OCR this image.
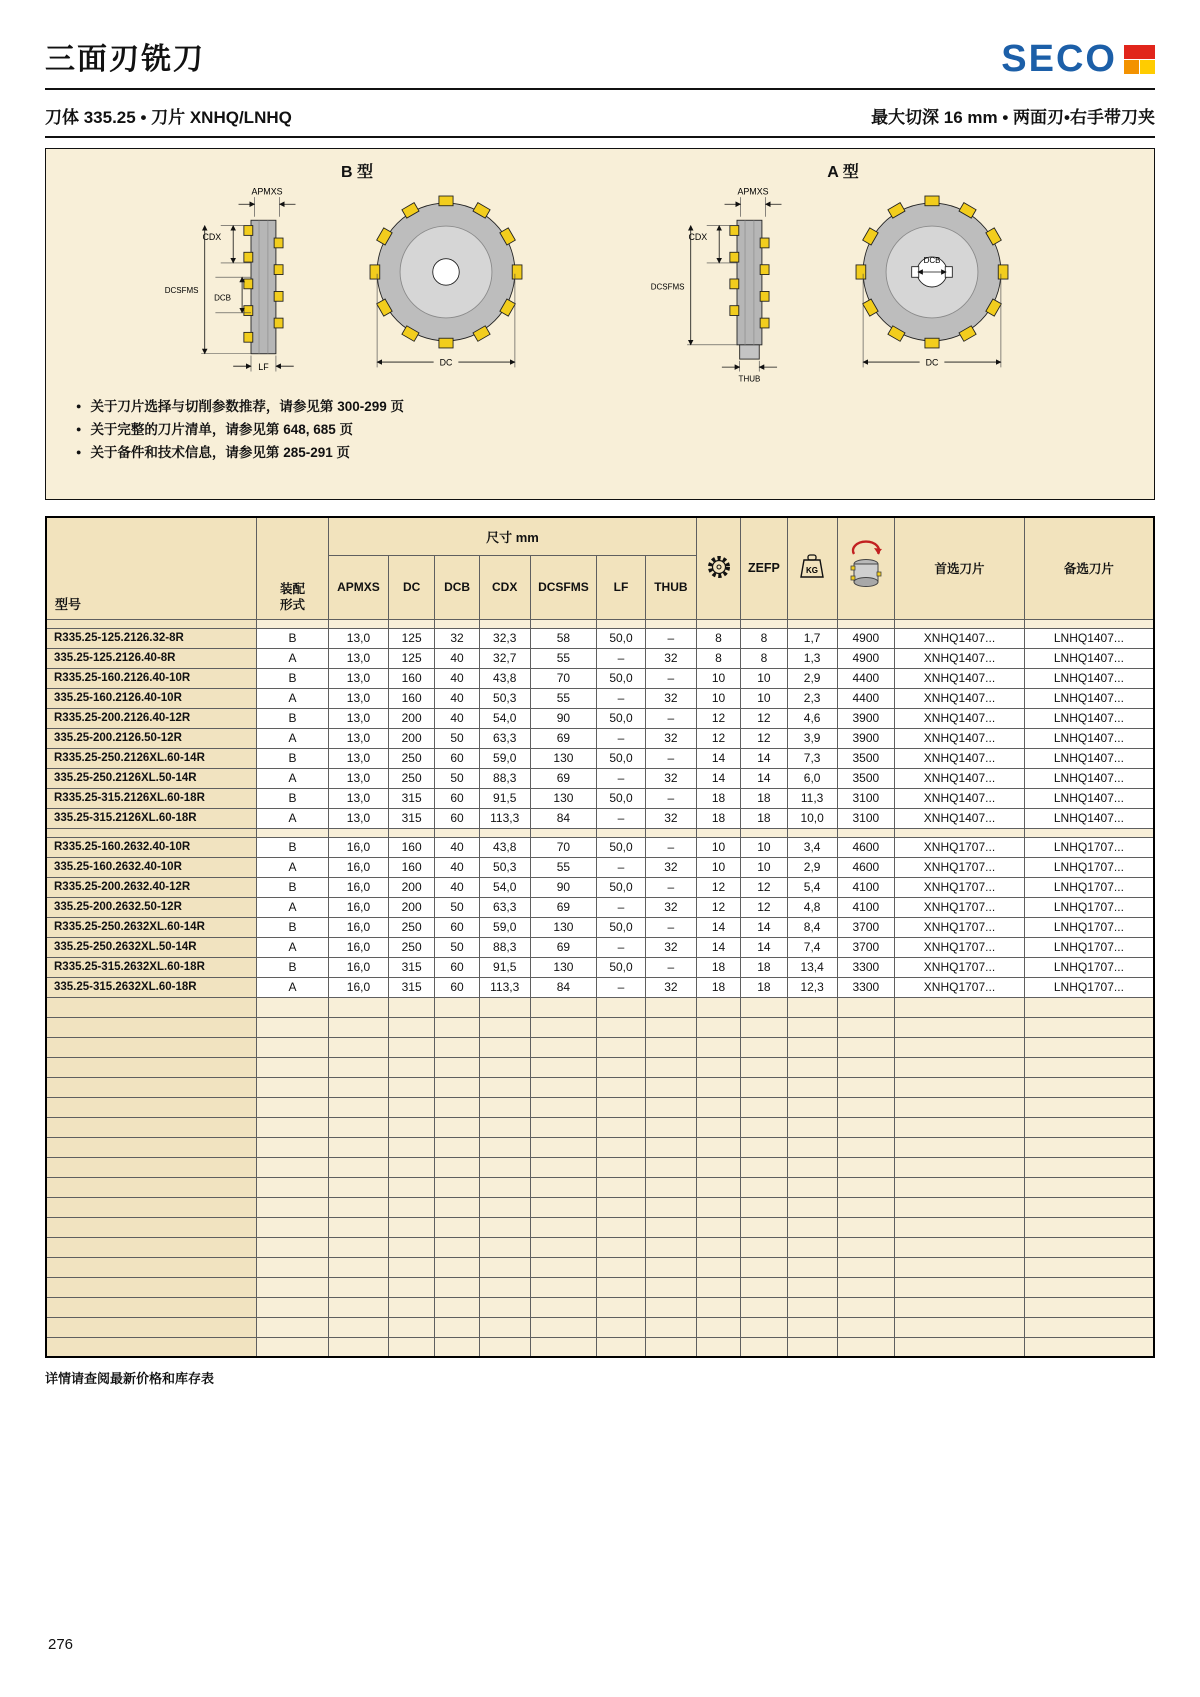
三面刃铣刀	SECO
刀体 335.25 • 刀片 XNHQ/LNHQ	最大切深 16 mm • 两面刃•右手带刀夹
B 型
APMXS
CDX
DCB
DCSFMS
LF	DC
A 型
APMXS
CDX
DCSFMS
THUB
DCB
DC
● 关于刀片选择与切削参数推荐，请参见第 300-299 页
● 关于完整的刀片清单，请参见第 648, 685 页
● 关于备件和技术信息，请参见第 285-291 页
型号	装配
形式	尺寸 mm								ZEFP	KG		首选刀片	备选刀片
		APMXS	DC	DCB	CDX	DCSFMS	LF	THUB						

R335.25-125.2126.32-8R	B	13,0	125	32	32,3	58	50,0	–	8	8	1,7	4900	XNHQ1407...	LNHQ1407...
335.25-125.2126.40-8R	A	13,0	125	40	32,7	55	–	32	8	8	1,3	4900	XNHQ1407...	LNHQ1407...
R335.25-160.2126.40-10R	B	13,0	160	40	43,8	70	50,0	–	10	10	2,9	4400	XNHQ1407...	LNHQ1407...
335.25-160.2126.40-10R	A	13,0	160	40	50,3	55	–	32	10	10	2,3	4400	XNHQ1407...	LNHQ1407...
R335.25-200.2126.40-12R	B	13,0	200	40	54,0	90	50,0	–	12	12	4,6	3900	XNHQ1407...	LNHQ1407...
335.25-200.2126.50-12R	A	13,0	200	50	63,3	69	–	32	12	12	3,9	3900	XNHQ1407...	LNHQ1407...
R335.25-250.2126XL.60-14R	B	13,0	250	60	59,0	130	50,0	–	14	14	7,3	3500	XNHQ1407...	LNHQ1407...
335.25-250.2126XL.50-14R	A	13,0	250	50	88,3	69	–	32	14	14	6,0	3500	XNHQ1407...	LNHQ1407...
R335.25-315.2126XL.60-18R	B	13,0	315	60	91,5	130	50,0	–	18	18	11,3	3100	XNHQ1407...	LNHQ1407...
335.25-315.2126XL.60-18R	A	13,0	315	60	113,3	84	–	32	18	18	10,0	3100	XNHQ1407...	LNHQ1407...

R335.25-160.2632.40-10R	B	16,0	160	40	43,8	70	50,0	–	10	10	3,4	4600	XNHQ1707...	LNHQ1707...
335.25-160.2632.40-10R	A	16,0	160	40	50,3	55	–	32	10	10	2,9	4600	XNHQ1707...	LNHQ1707...
R335.25-200.2632.40-12R	B	16,0	200	40	54,0	90	50,0	–	12	12	5,4	4100	XNHQ1707...	LNHQ1707...
335.25-200.2632.50-12R	A	16,0	200	50	63,3	69	–	32	12	12	4,8	4100	XNHQ1707...	LNHQ1707...
R335.25-250.2632XL.60-14R	B	16,0	250	60	59,0	130	50,0	–	14	14	8,4	3700	XNHQ1707...	LNHQ1707...
335.25-250.2632XL.50-14R	A	16,0	250	50	88,3	69	–	32	14	14	7,4	3700	XNHQ1707...	LNHQ1707...
R335.25-315.2632XL.60-18R	B	16,0	315	60	91,5	130	50,0	–	18	18	13,4	3300	XNHQ1707...	LNHQ1707...
335.25-315.2632XL.60-18R	A	16,0	315	60	113,3	84	–	32	18	18	12,3	3300	XNHQ1707...	LNHQ1707...

详情请查阅最新价格和库存表
276
